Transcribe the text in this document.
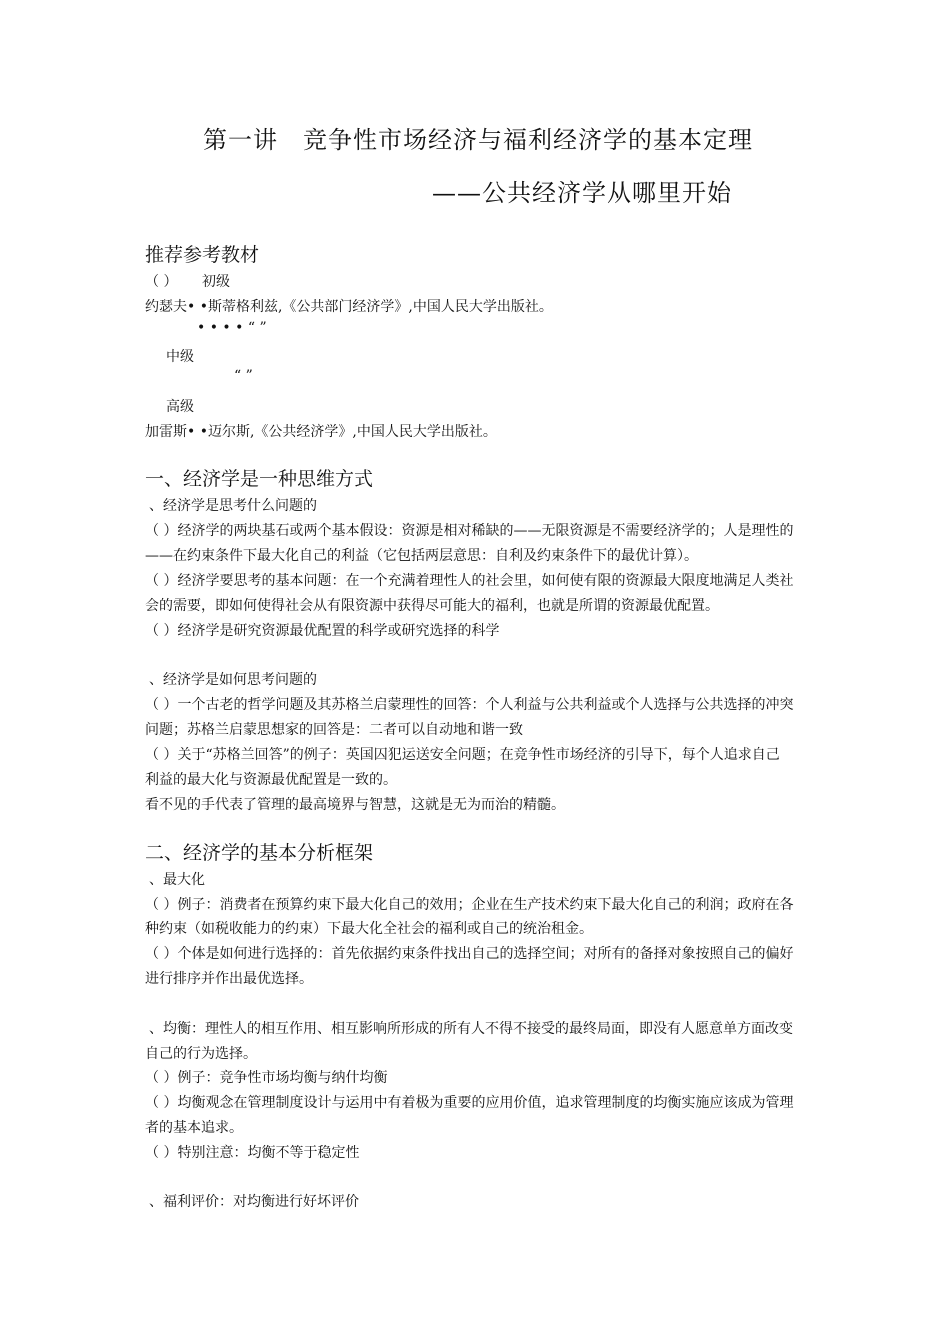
第一讲　竞争性市场经济与福利经济学的基本定理
——公共经济学从哪里开始
推荐参考教材
（ ） 初级
约瑟夫• •斯蒂格利兹,《公共部门经济学》,中国人民大学出版社。
• • • • “ ”
中级
“ ”
高级
加雷斯• •迈尔斯,《公共经济学》,中国人民大学出版社。
一、经济学是一种思维方式
、经济学是思考什么问题的
（ ）经济学的两块基石或两个基本假设：资源是相对稀缺的——无限资源是不需要经济学的；人是理性的
——在约束条件下最大化自己的利益（它包括两层意思：自利及约束条件下的最优计算）。
（ ）经济学要思考的基本问题：在一个充满着理性人的社会里，如何使有限的资源最大限度地满足人类社
会的需要，即如何使得社会从有限资源中获得尽可能大的福利，也就是所谓的资源最优配置。
（ ）经济学是研究资源最优配置的科学或研究选择的科学
、经济学是如何思考问题的
（ ）一个古老的哲学问题及其苏格兰启蒙理性的回答：个人利益与公共利益或个人选择与公共选择的冲突
问题；苏格兰启蒙思想家的回答是：二者可以自动地和谐一致
（ ）关于“苏格兰回答”的例子：英国囚犯运送安全问题；在竞争性市场经济的引导下，每个人追求自己
利益的最大化与资源最优配置是一致的。
看不见的手代表了管理的最高境界与智慧，这就是无为而治的精髓。
二、经济学的基本分析框架
、最大化
（ ）例子：消费者在预算约束下最大化自己的效用；企业在生产技术约束下最大化自己的利润；政府在各
种约束（如税收能力的约束）下最大化全社会的福利或自己的统治租金。
（ ）个体是如何进行选择的：首先依据约束条件找出自己的选择空间；对所有的备择对象按照自己的偏好
进行排序并作出最优选择。
、均衡：理性人的相互作用、相互影响所形成的所有人不得不接受的最终局面，即没有人愿意单方面改变
自己的行为选择。
（ ）例子：竞争性市场均衡与纳什均衡
（ ）均衡观念在管理制度设计与运用中有着极为重要的应用价值，追求管理制度的均衡实施应该成为管理
者的基本追求。
（ ）特别注意：均衡不等于稳定性
、福利评价：对均衡进行好坏评价
